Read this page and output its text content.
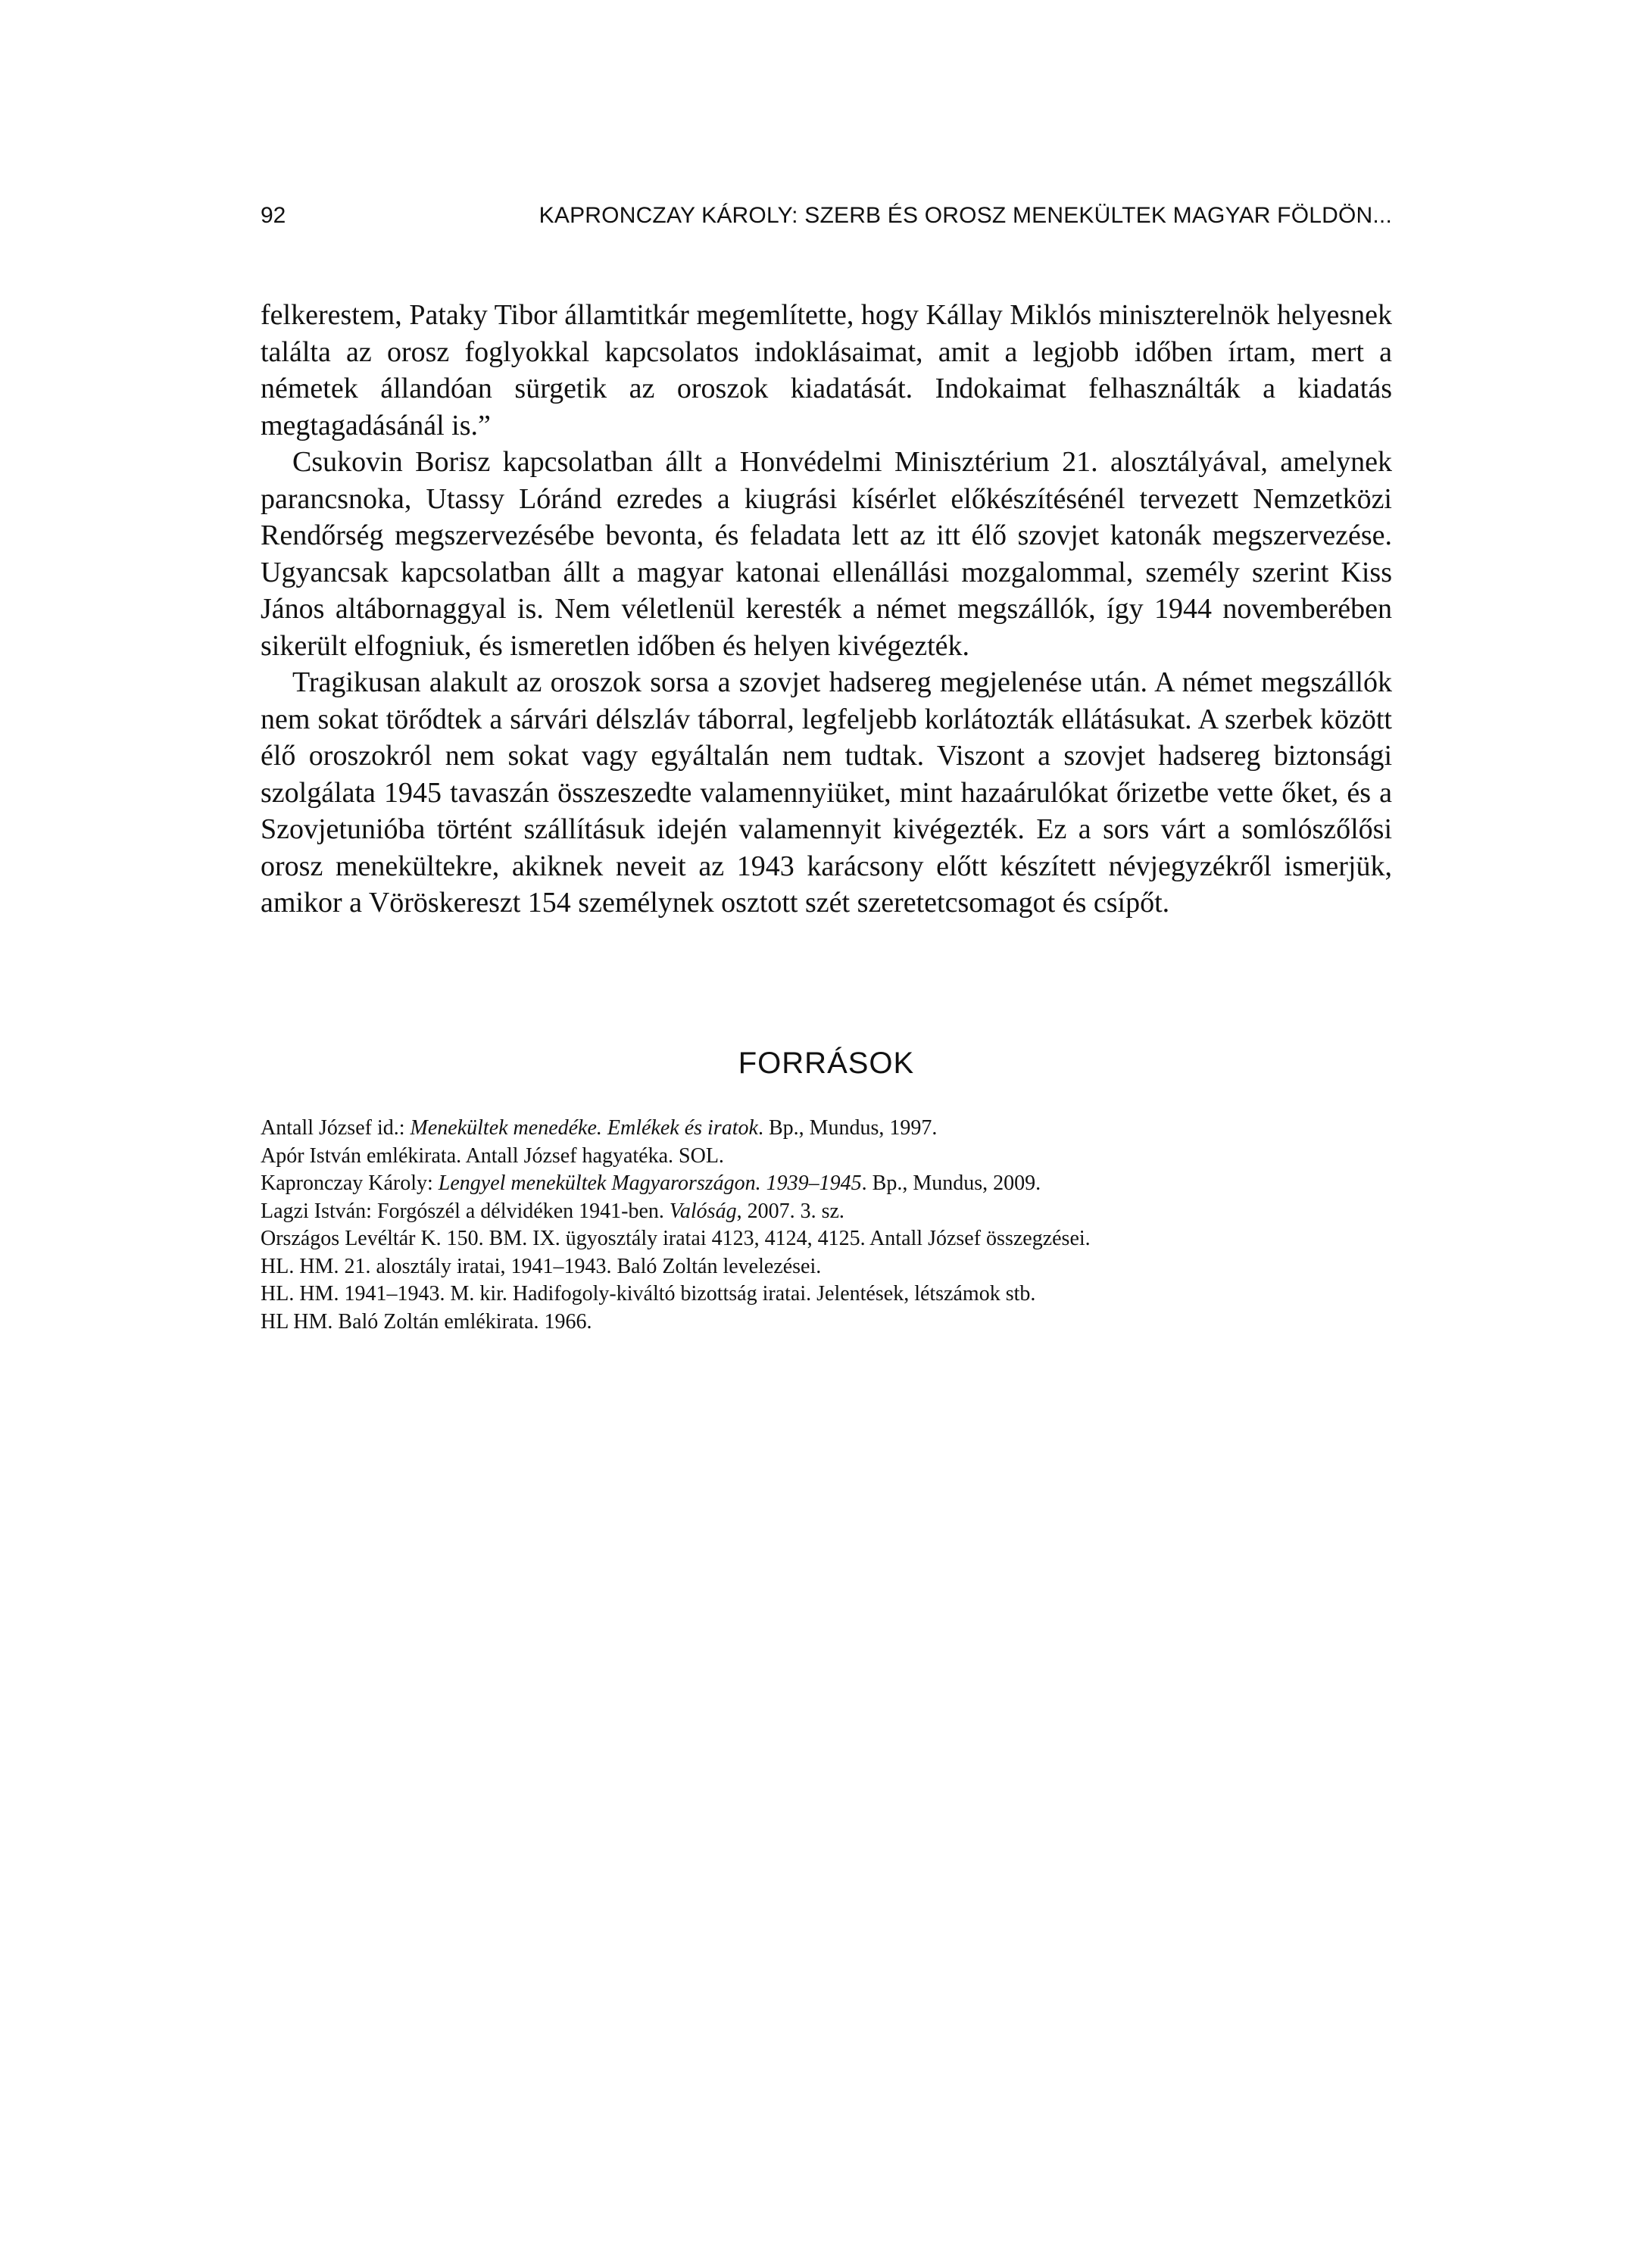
92	KAPRONCZAY KÁROLY: SZERB ÉS OROSZ MENEKÜLTEK MAGYAR FÖLDÖN...

felkerestem, Pataky Tibor államtitkár megemlítette, hogy Kállay Miklós miniszterelnök helyesnek találta az orosz foglyokkal kapcsolatos indoklásaimat, amit a legjobb időben írtam, mert a németek állandóan sürgetik az oroszok kiadatását. Indokaimat felhasználták a kiadatás megtagadásánál is.”

Csukovin Borisz kapcsolatban állt a Honvédelmi Minisztérium 21. alosztályával, amelynek parancsnoka, Utassy Lóránd ezredes a kiugrási kísérlet előkészítésénél tervezett Nemzetközi Rendőrség megszervezésébe bevonta, és feladata lett az itt élő szovjet katonák megszervezése. Ugyancsak kapcsolatban állt a magyar katonai ellenállási mozgalommal, személy szerint Kiss János altábornaggyal is. Nem véletlenül keresték a német megszállók, így 1944 novemberében sikerült elfogniuk, és ismeretlen időben és helyen kivégezték.

Tragikusan alakult az oroszok sorsa a szovjet hadsereg megjelenése után. A német megszállók nem sokat törődtek a sárvári délszláv táborral, legfeljebb korlátozták ellátásukat. A szerbek között élő oroszokról nem sokat vagy egyáltalán nem tudtak. Viszont a szovjet hadsereg biztonsági szolgálata 1945 tavaszán összeszedte valamennyiüket, mint hazaárulókat őrizetbe vette őket, és a Szovjetunióba történt szállításuk idején valamennyit kivégezték. Ez a sors várt a somlószőlősi orosz menekültekre, akiknek neveit az 1943 karácsony előtt készített névjegyzékről ismerjük, amikor a Vöröskereszt 154 személynek osztott szét szeretetcsomagot és csípőt.

FORRÁSOK
Antall József id.: Menekültek menedéke. Emlékek és iratok. Bp., Mundus, 1997.
Apór István emlékirata. Antall József hagyatéka. SOL.
Kapronczay Károly: Lengyel menekültek Magyarországon. 1939–1945. Bp., Mundus, 2009.
Lagzi István: Forgószél a délvidéken 1941-ben. Valóság, 2007. 3. sz.
Országos Levéltár K. 150. BM. IX. ügyosztály iratai 4123, 4124, 4125. Antall József összegzései.
HL. HM. 21. alosztály iratai, 1941–1943. Baló Zoltán levelezései.
HL. HM. 1941–1943. M. kir. Hadifogoly-kiváltó bizottság iratai. Jelentések, létszámok stb.
HL HM. Baló Zoltán emlékirata. 1966.
